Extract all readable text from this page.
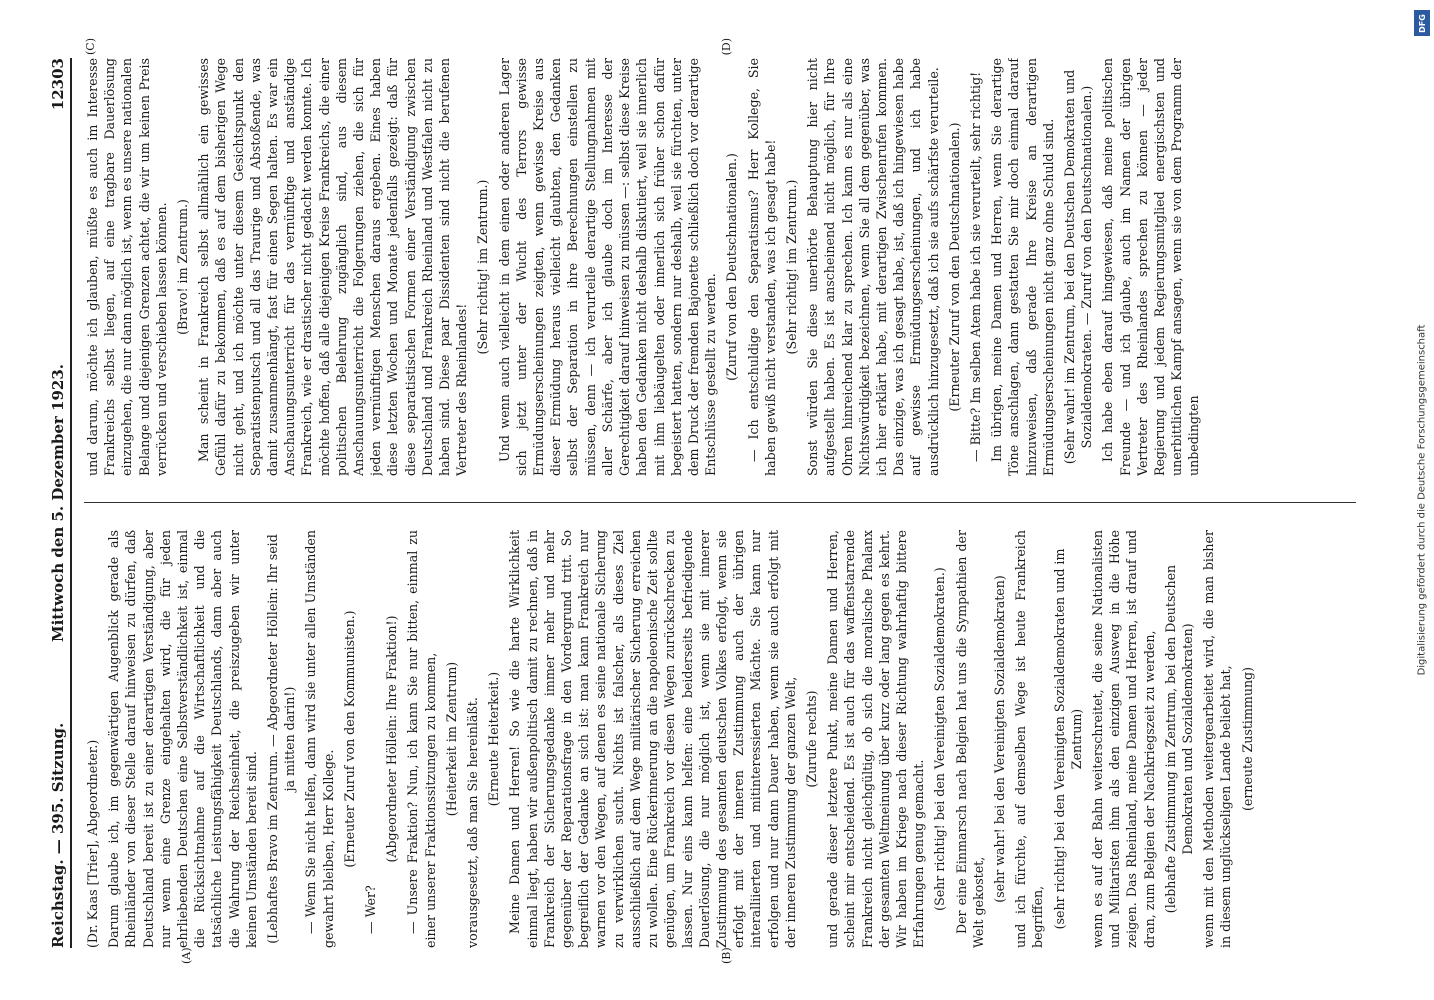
Reichstag. — 395. Sitzung.
Mittwoch den 5. Dezember 1923.
12303
(A)	(B)
(C)	(D)

(Dr. Kaas [Trier], Abgeordneter.) Darum glaube ich, im gegenwärtigen Augenblick gerade als Rheinländer von dieser Stelle darauf hinweisen zu dürfen, daß Deutschland bereit ist zu einer derartigen Verständigung, aber nur wenn eine Grenze eingehalten wird, die für jeden ehrliebenden Deutschen eine Selbstverständlichkeit ist, einmal die Rücksichtnahme auf die Wirtschaftlichkeit und die tatsächliche Leistungsfähigkeit Deutschlands, dann aber auch die Wahrung der Reichseinheit, die preiszugeben wir unter keinen Umständen bereit sind. (Lebhaftes Bravo im Zentrum. — Abgeordneter Höllein: Ihr seid ja mitten darin!) — Wenn Sie nicht helfen, dann wird sie unter allen Umständen gewahrt bleiben, Herr Kollege. (Erneuter Zuruf von den Kommunisten.)

— Wer?

(Abgeordneter Höllein: Ihre Fraktion!) — Unsere Fraktion? Nun, ich kann Sie nur bitten, einmal zu einer unserer Fraktionssitzungen zu kommen, (Heiterkeit im Zentrum) vorausgesetzt, daß man Sie hereinläßt. (Erneute Heiterkeit.) Meine Damen und Herren! So wie die harte Wirklichkeit einmal liegt, haben wir außenpolitisch damit zu rechnen, daß in Frankreich der Sicherungsgedanke immer mehr und mehr gegenüber der Reparationsfrage in den Vordergrund tritt. So begreiflich der Gedanke an sich ist: man kann Frankreich nur warnen vor den Wegen, auf denen es seine nationale Sicherung zu verwirklichen sucht. Nichts ist falscher, als dieses Ziel ausschließlich auf dem Wege militärischer Sicherung erreichen zu wollen. Eine Rückerinnerung an die napoleonische Zeit sollte genügen, um Frankreich vor diesen Wegen zurückschrecken zu lassen. Nur eins kann helfen: eine beiderseits befriedigende Dauerlösung, die nur möglich ist, wenn sie mit innerer Zustimmung des gesamten deutschen Volkes erfolgt, wenn sie erfolgt mit der inneren Zustimmung auch der übrigen interalliierten und mitinteressierten Mächte. Sie kann nur erfolgen und nur dann Dauer haben, wenn sie auch erfolgt mit der inneren Zustimmung der ganzen Welt, (Zurufe rechts) und gerade dieser letztere Punkt, meine Damen und Herren, scheint mir entscheidend. Es ist auch für das waffenstarrende Frankreich nicht gleichgültig, ob sich die moralische Phalanx der gesamten Weltmeinung über kurz oder lang gegen es kehrt. Wir haben im Kriege nach dieser Richtung wahrhaftig bittere Erfahrungen genug gemacht. (Sehr richtig! bei den Vereinigten Sozialdemokraten.) Der eine Einmarsch nach Belgien hat uns die Sympathien der Welt gekostet, (sehr wahr! bei den Vereinigten Sozialdemokraten) und ich fürchte, auf demselben Wege ist heute Frankreich begriffen, (sehr richtig! bei den Vereinigten Sozialdemokraten und im Zentrum) wenn es auf der Bahn weiterschreitet, die seine Nationalisten und Militaristen ihm als den einzigen Ausweg in die Höhe zeigen. Das Rheinland, meine Damen und Herren, ist drauf und dran, zum Belgien der Nachkriegszeit zu werden, (lebhafte Zustimmung im Zentrum, bei den Deutschen Demokraten und Sozialdemokraten) wenn mit den Methoden weitergearbeitet wird, die man bisher in diesem unglückseligen Lande beliebt hat, (erneute Zustimmung)

und darum, möchte ich glauben, müßte es auch im Interesse Frankreichs selbst liegen, auf eine tragbare Dauerlösung einzugehen, die nur dann möglich ist, wenn es unsere nationalen Belange und diejenigen Grenzen achtet, die wir um keinen Preis verrücken und verschieben lassen können. (Bravo! im Zentrum.) Man scheint in Frankreich selbst allmählich ein gewisses Gefühl dafür zu bekommen, daß es auf dem bisherigen Wege nicht geht, und ich möchte unter diesem Gesichtspunkt den Separatistenputsch und all das Traurige und Abstoßende, was damit zusammenhängt, fast für einen Segen halten. Es war ein Anschauungsunterricht für das vernünftige und anständige Frankreich, wie er drastischer nicht gedacht werden konnte. Ich möchte hoffen, daß alle diejenigen Kreise Frankreichs, die einer politischen Belehrung zugänglich sind, aus diesem Anschauungsunterricht die Folgerungen ziehen, die sich für jeden vernünftigen Menschen daraus ergeben. Eines haben diese letzten Wochen und Monate jedenfalls gezeigt: daß für diese separatistischen Formen einer Verständigung zwischen Deutschland und Frankreich Rheinland und Westfalen nicht zu haben sind. Diese paar Dissidenten sind nicht die berufenen Vertreter des Rheinlandes!

(Sehr richtig! im Zentrum.) Und wenn auch vielleicht in dem einen oder anderen Lager sich jetzt unter der Wucht des Terrors gewisse Ermüdungserscheinungen zeigten, wenn gewisse Kreise aus dieser Ermüdung heraus vielleicht glaubten, den Gedanken selbst der Separation in ihre Berechnungen einstellen zu müssen, denn — ich verurteile derartige Stellungnahmen mit aller Schärfe, aber ich glaube doch im Interesse der Gerechtigkeit darauf hinweisen zu müssen —: selbst diese Kreise haben den Gedanken nicht deshalb diskutiert, weil sie innerlich mit ihm liebäugelten oder innerlich sich früher schon dafür begeistert hatten, sondern nur deshalb, weil sie fürchten, unter dem Druck der fremden Bajonette schließlich doch vor derartige Entschlüsse gestellt zu werden. (Zuruf von den Deutschnationalen.) — Ich entschuldige den Separatismus? Herr Kollege, Sie haben gewiß nicht verstanden, was ich gesagt habe! (Sehr richtig! im Zentrum.) Sonst würden Sie diese unerhörte Behauptung hier nicht aufgestellt haben. Es ist anscheinend nicht möglich, für Ihre Ohren hinreichend klar zu sprechen. Ich kann es nur als eine Nichtswürdigkeit bezeichnen, wenn Sie all dem gegenüber, was ich hier erklärt habe, mit derartigen Zwischenrufen kommen. Das einzige, was ich gesagt habe, ist, daß ich hingewiesen habe auf gewisse Ermüdungserscheinungen, und ich habe ausdrücklich hinzugesetzt, daß ich sie aufs schärfste verurteile. (Erneuter Zuruf von den Deutschnationalen.) — Bitte? Im selben Atem habe ich sie verurteilt, sehr richtig! Im übrigen, meine Damen und Herren, wenn Sie derartige Töne anschlagen, dann gestatten Sie mir doch einmal darauf hinzuweisen, daß gerade Ihre Kreise an derartigen Ermüdungserscheinungen nicht ganz ohne Schuld sind. (Sehr wahr! im Zentrum, bei den Deutschen Demokraten und Sozialdemokraten. — Zuruf von den Deutschnationalen.) Ich habe eben darauf hingewiesen, daß meine politischen Freunde — und ich glaube, auch im Namen der übrigen Vertreter des Rheinlandes sprechen zu können — jeder Regierung und jedem Regierungsmitglied energischsten und unerbittlichen Kampf ansagen, wenn sie von dem Programm der unbedingten	Digitalisierung gefördert durch die Deutsche Forschungsgemeinschaft
DFG
